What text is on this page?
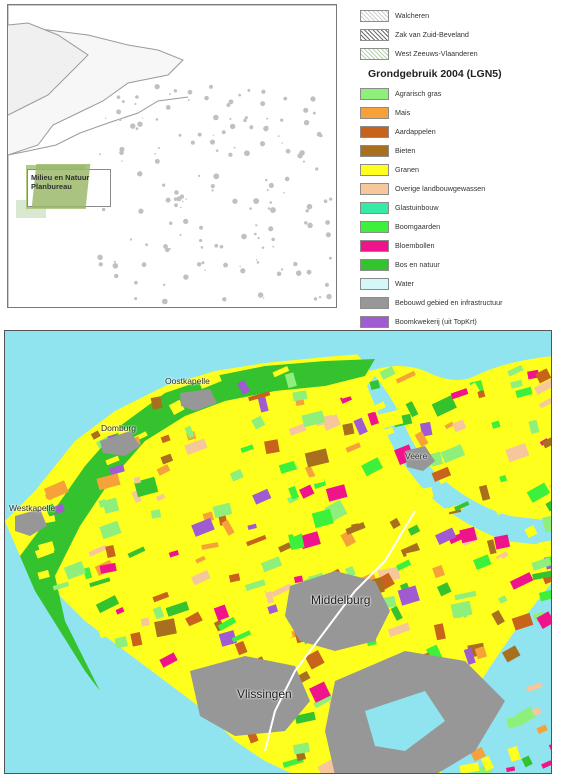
Milieu en Natuur
Planbureau
Walcheren
Zak van Zuid-Beveland
West Zeeuws-Vlaanderen
Grondgebruik 2004 (LGN5)
Agrarisch gras
Mais
Aardappelen
Bieten
Granen
Overige landbouwgewassen
Glastuinbouw
Boomgaarden
Bloembollen
Bos en natuur
Water
Bebouwd gebied en infrastructuur
Boomkwekerij (uit TopKrt)
Oostkapelle
Domburg
Westkapelle
Veere
Middelburg
Vlissingen
